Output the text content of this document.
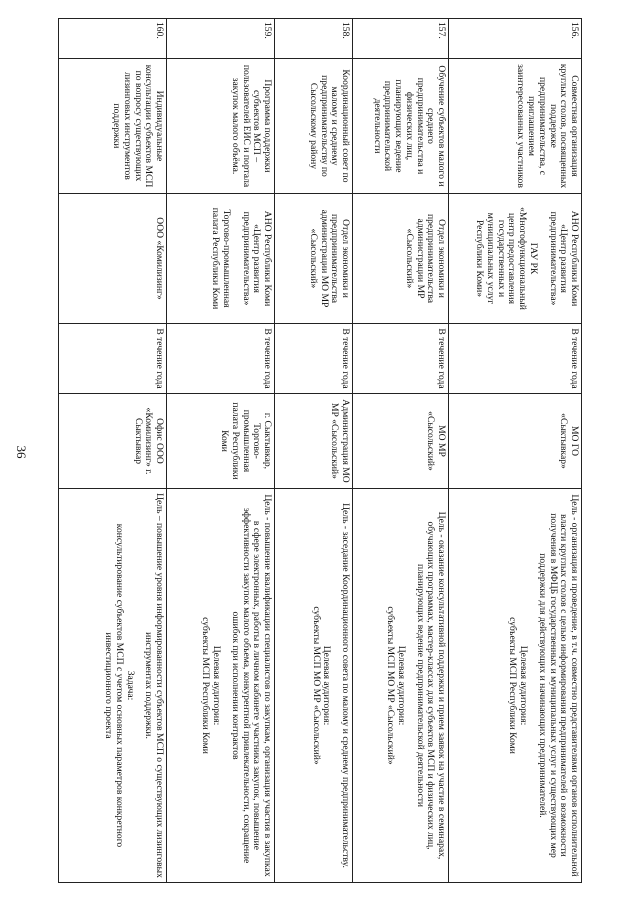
36
156.	Совместная организация круглых столов, посвященных поддержке предпринимательства, с приглашением заинтересованных участников	АНО Республики Коми «Центр развития предпринимательства»
ГАУ РК «Многофункциональный центр предоставления государственных и муниципальных услуг Республики Коми»	В течение года	МО ГО «Сыктывкар»	Цель - организация и проведение, в т.ч. совместно представителями органов исполнительной власти круглых столов с целью информирования предпринимателей о возможности получения в МФЦБ государственных и муниципальных услуг и существующих мер поддержки для действующих и начинающих предпринимателей.
Целевая аудитория:
субъекты МСП Республики Коми

157.	Обучение субъектов малого и среднего предпринимательства и физических лиц, планирующих ведение предпринимательской деятельности	Отдел экономики и предпринимательства администрации МР «Сысольский»	В течение года	МО МР «Сысольский»	Цель - оказание консультативной поддержки и прием заявок на участие в семинарах, обучающих программах, мастер-классах для субъектов МСП и физических лиц, планирующих ведение предпринимательской деятельности
Целевая аудитория:
субъекты МСП МО МР «Сысольский»

158.	Координационный совет по малому и среднему предпринимательству по Сысольскому району	Отдел экономики и предпринимательства администрации МО МР «Сысольский»	В течение года	Администрация МО МР «Сысольский»	Цель - заседание Координационного совета по малому и среднему предпринимательству.
Целевая аудитория:
субъекты МСП МО МР «Сысольский»

159.	Программа поддержки субъектов МСП – пользователей ЕИС и портала закупок малого объёма.	АНО Республики Коми «Центр развития предпринимательства»
Торгово-промышленная палата Республики Коми	В течение года	г. Сыктывкар, Торгово-промышленная палата Республики Коми	Цель - повышение квалификации специалистов по закупкам, организация участия в закупках в сфере электронных, работы в личном кабинете участника закупок, повышение эффективности закупок малого объема, конкурентной привлекательности, сокращение ошибок при исполнении контрактов
Целевая аудитория:
субъекты МСП Республики Коми

160.	Индивидуальные консультации субъектов МСП по вопросу существующих лизинговых инструментов поддержки	ООО «Комилизинг»	В течение года	Офис ООО «Комилизинг» г. Сыктывкар	Цель – повышение уровня информированности субъектов МСП о существующих лизинговых инструментах поддержки.
Задача:
консультирование субъектов МСП с учетом основных параметров конкретного инвестиционного проекта
